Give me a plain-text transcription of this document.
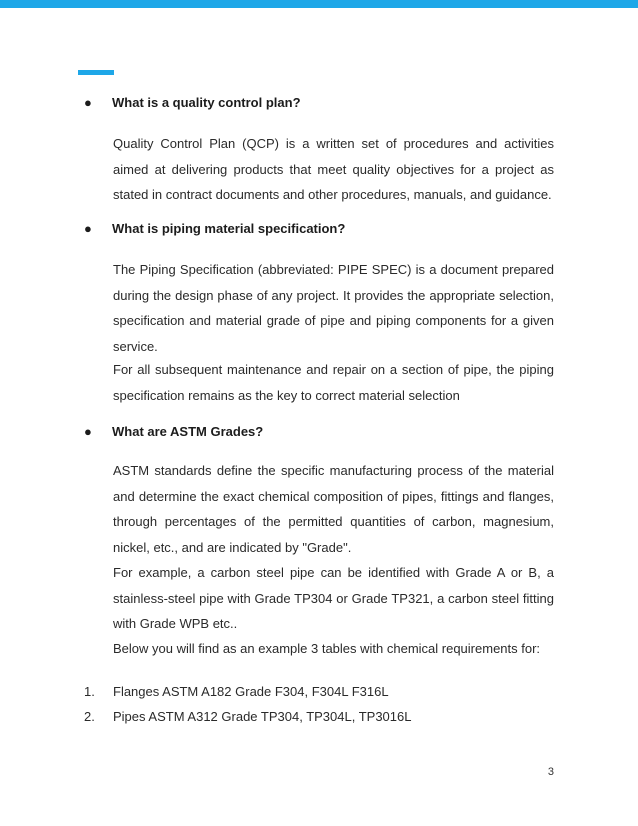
● What is a quality control plan?
Quality Control Plan (QCP) is a written set of procedures and activities aimed at delivering products that meet quality objectives for a project as stated in contract documents and other procedures, manuals, and guidance.
● What is piping material specification?
The Piping Specification (abbreviated: PIPE SPEC) is a document prepared during the design phase of any project. It provides the appropriate selection, specification and material grade of pipe and piping components for a given service.
For all subsequent maintenance and repair on a section of pipe, the piping specification remains as the key to correct material selection
● What are ASTM Grades?
ASTM standards define the specific manufacturing process of the material and determine the exact chemical composition of pipes, fittings and flanges, through percentages of the permitted quantities of carbon, magnesium, nickel, etc., and are indicated by "Grade".
For example, a carbon steel pipe can be identified with Grade A or B, a stainless-steel pipe with Grade TP304 or Grade TP321, a carbon steel fitting with Grade WPB etc..
Below you will find as an example 3 tables with chemical requirements for:
1. Flanges ASTM A182 Grade F304, F304L F316L
2. Pipes ASTM A312 Grade TP304, TP304L, TP3016L
3
